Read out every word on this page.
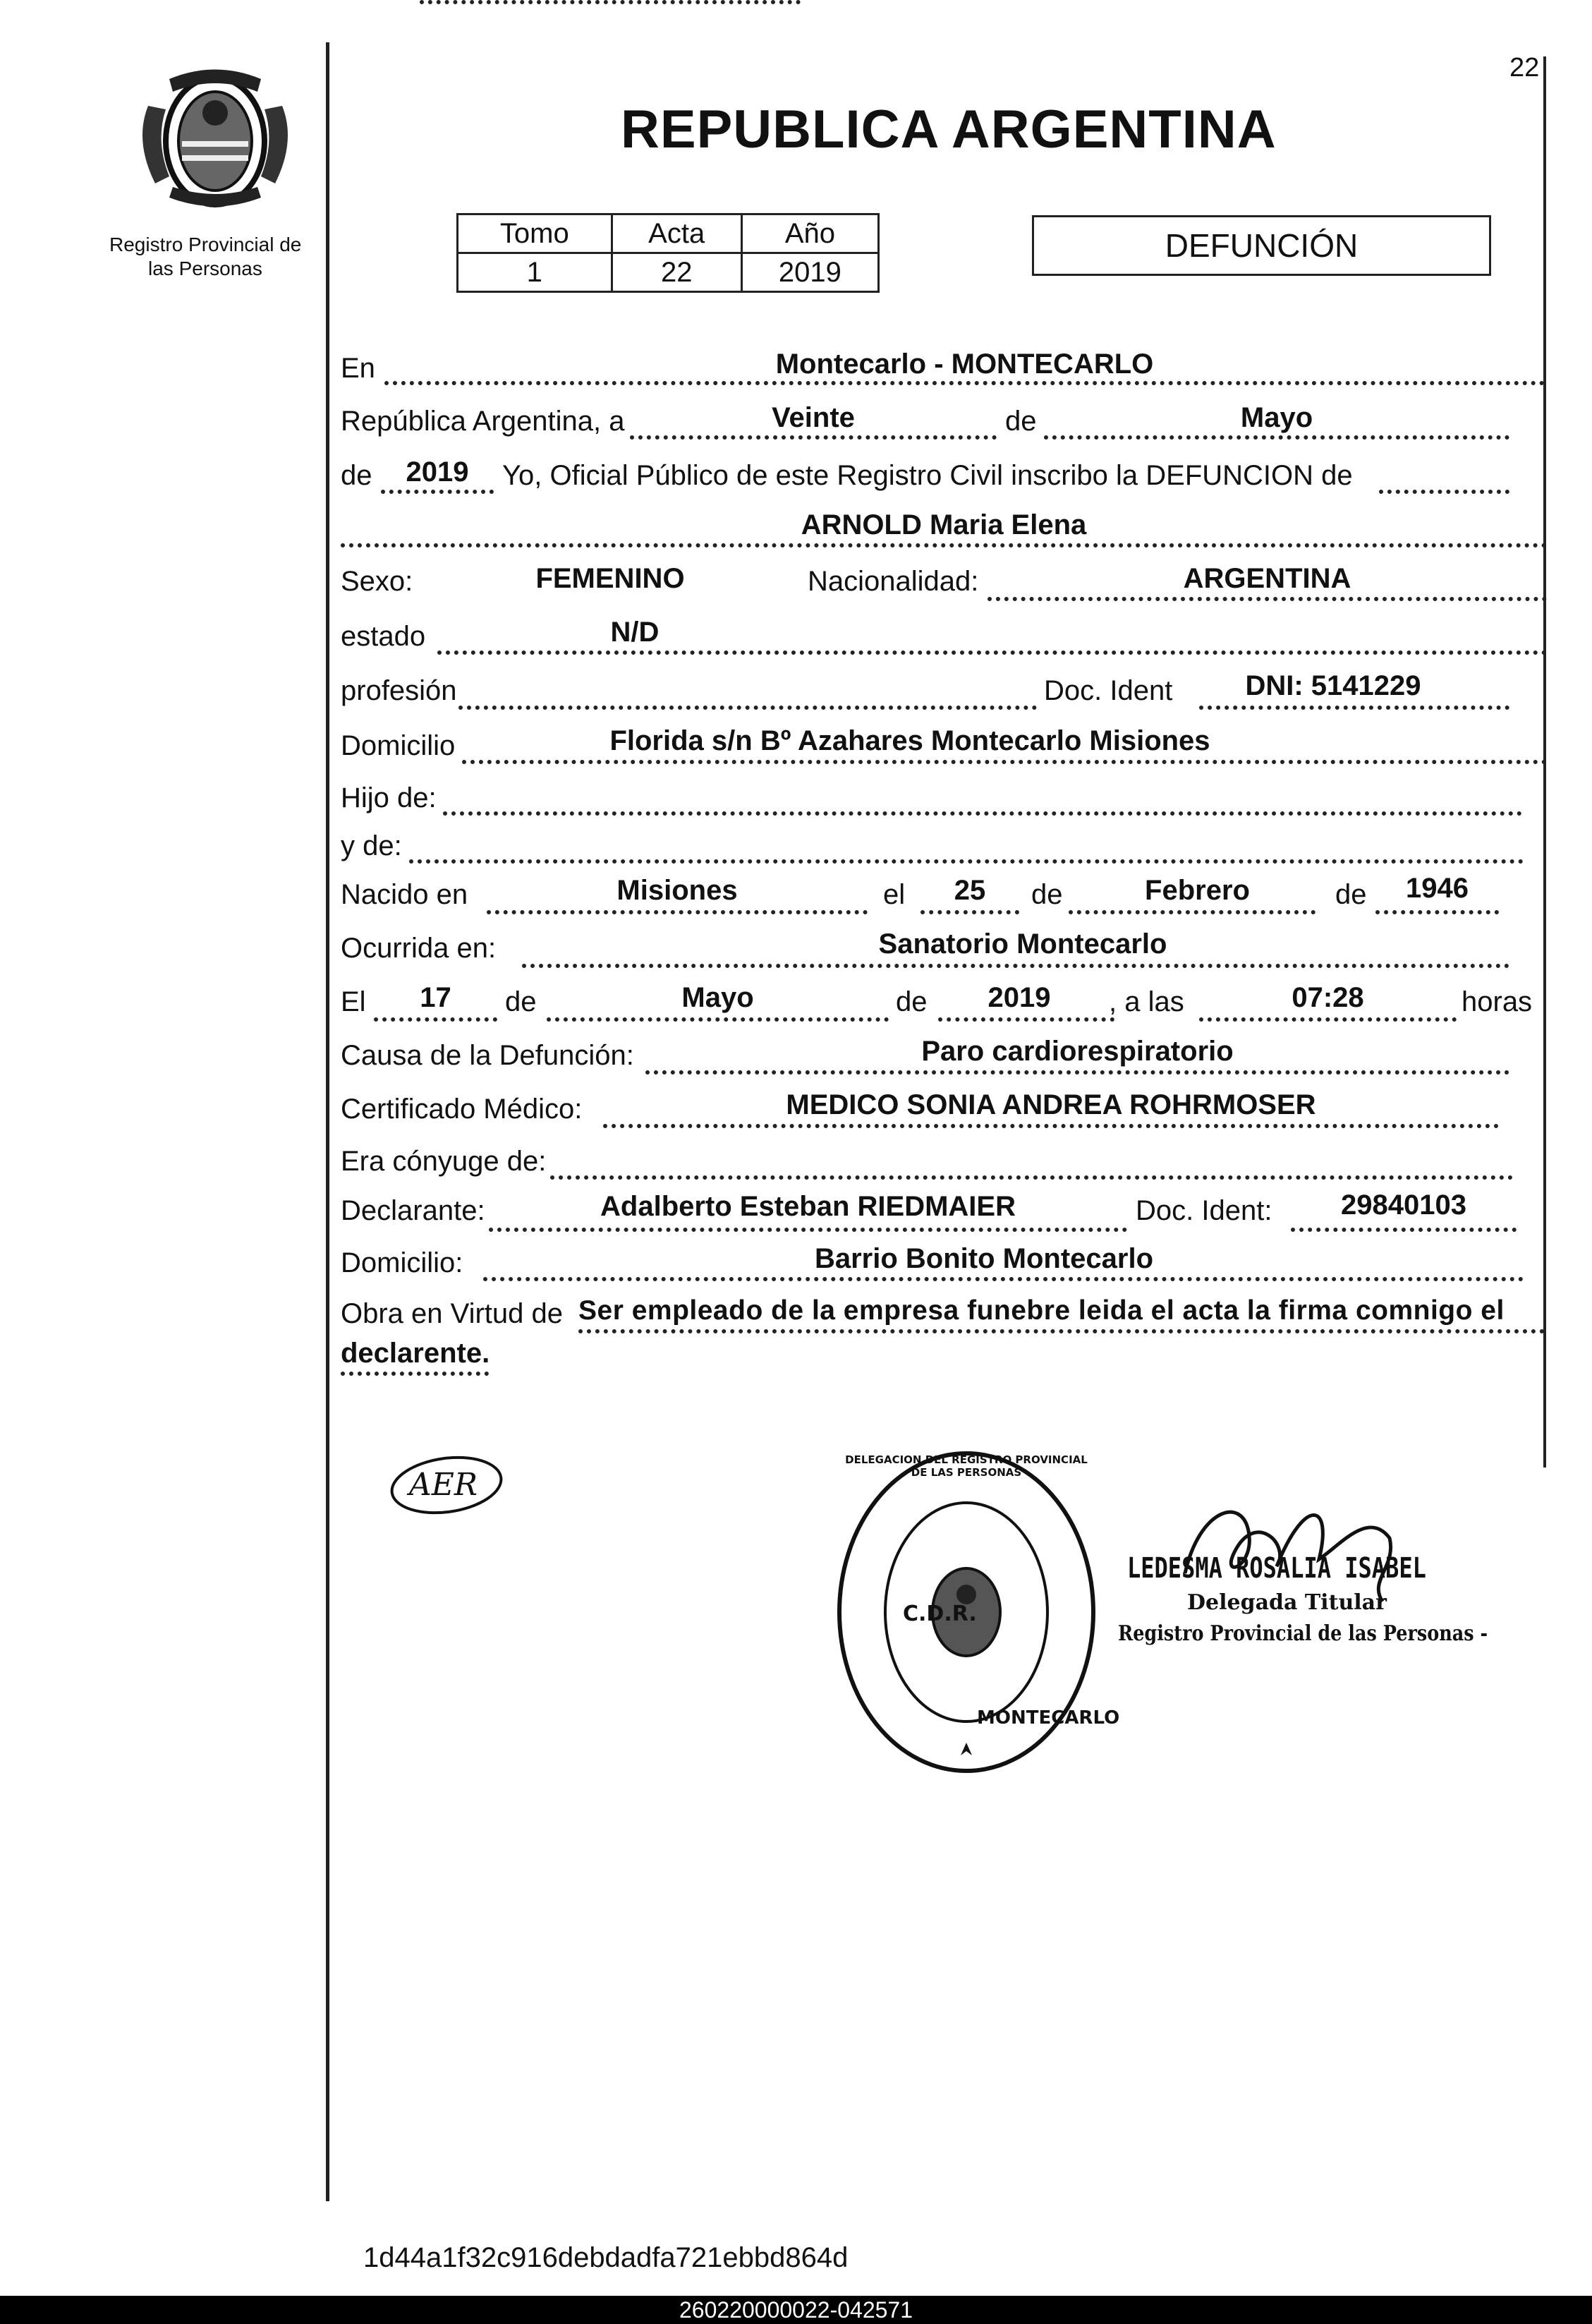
22
Registro Provincial de
las Personas
REPUBLICA ARGENTINA
Tomo	Acta	Año
1	22	2019
DEFUNCIÓN
En	Montecarlo - MONTECARLO
República Argentina, a	Veinte	de	Mayo
de	2019	Yo, Oficial Público de este Registro Civil inscribo la DEFUNCION de
ARNOLD Maria Elena
Sexo:	FEMENINO	Nacionalidad:	ARGENTINA
estado	N/D
profesión	Doc. Ident	DNI: 5141229
Domicilio	Florida s/n Bº Azahares Montecarlo Misiones
Hijo de:
y de:
Nacido en	Misiones	el	25	de	Febrero	de	1946
Ocurrida en:	Sanatorio Montecarlo
El	17	de	Mayo	de	2019	, a las	07:28	horas
Causa de la Defunción:	Paro cardiorespiratorio
Certificado Médico:	MEDICO SONIA ANDREA ROHRMOSER
Era cónyuge de:
Declarante:	Adalberto Esteban RIEDMAIER	Doc. Ident:	29840103
Domicilio:	Barrio Bonito Montecarlo
Obra en Virtud de Ser empleado de la empresa funebre leida el acta la firma comnigo el
declarente.
AER
DELEGACION DEL REGISTRO PROVINCIAL DE LAS PERSONAS
C.D.R.
MONTECARLO
LEDESMA ROSALIA ISABEL
Delegada Titular
Registro Provincial de las Personas -
1d44a1f32c916debdadfa721ebbd864d
260220000022-042571
